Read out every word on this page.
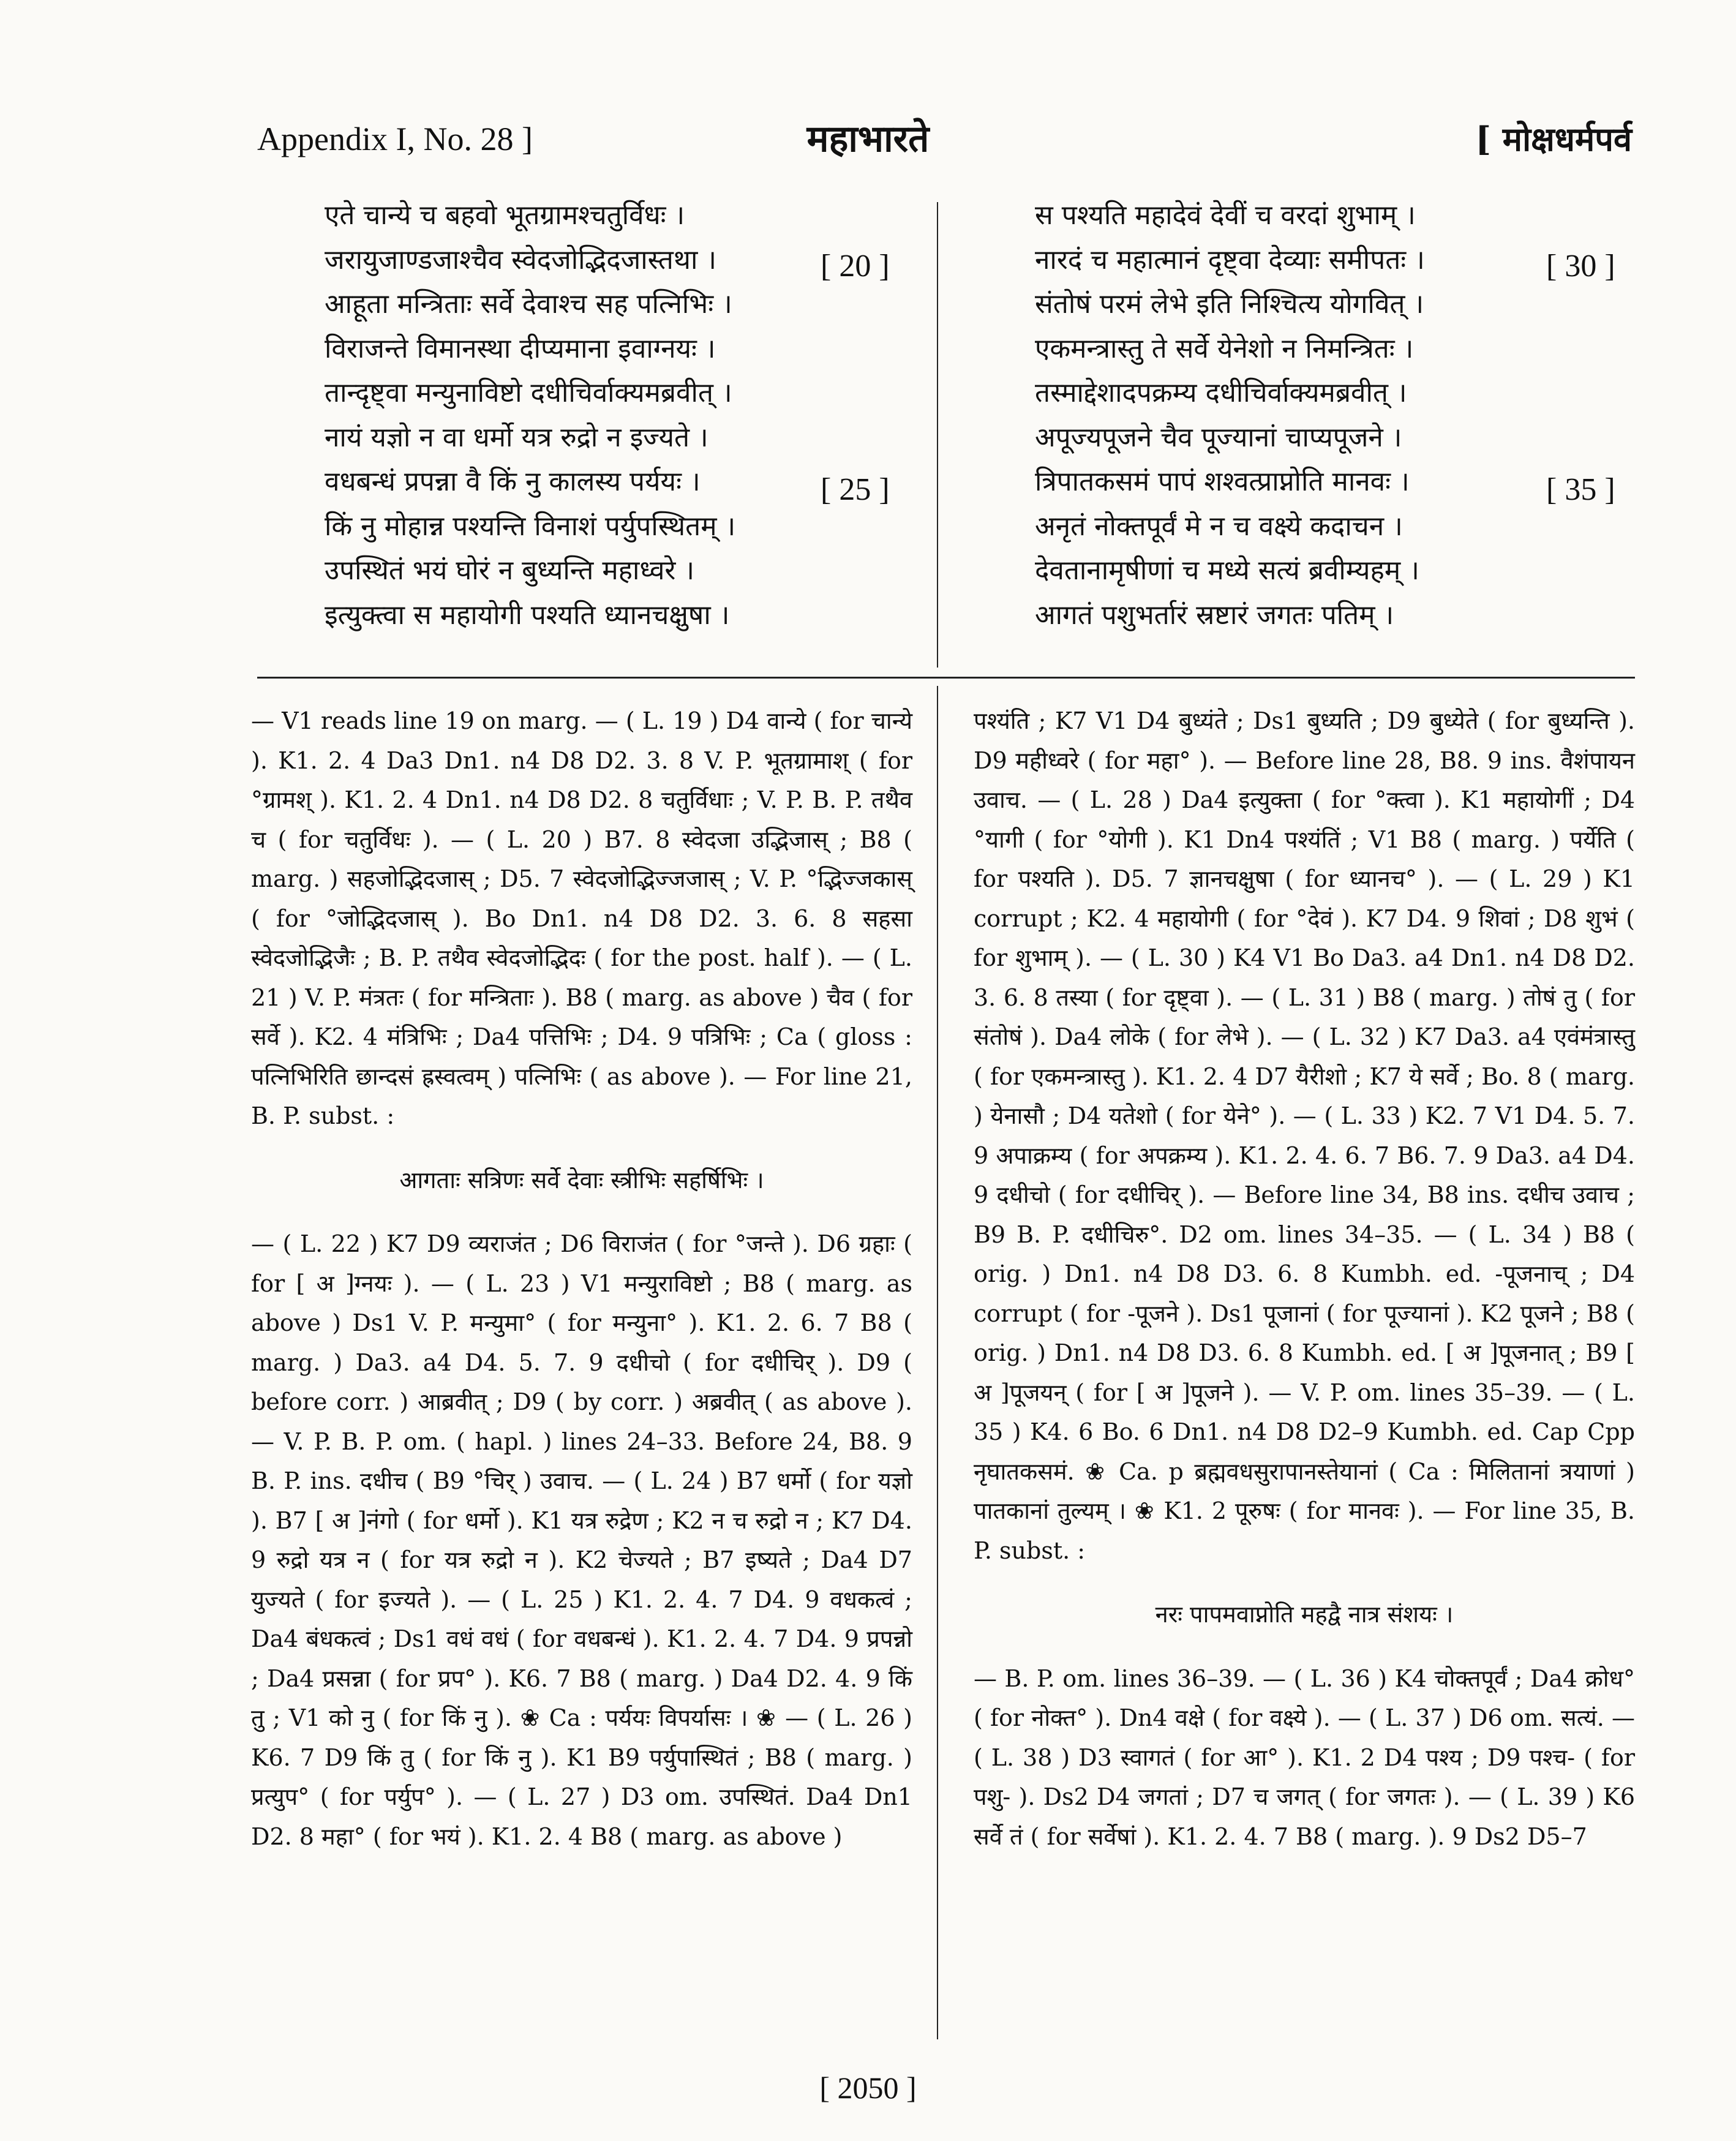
Appendix I, No. 28 ]	महाभारते	[ मोक्षधर्मपर्व
एते चान्ये च बहवो भूतग्रामश्चतुर्विधः ।
जरायुजाण्डजाश्चैव स्वेदजोद्भिदजास्तथा ।
आहूता मन्त्रिताः सर्वे देवाश्च सह पत्निभिः ।
विराजन्ते विमानस्था दीप्यमाना इवाग्नयः ।
तान्दृष्ट्वा मन्युनाविष्टो दधीचिर्वाक्यमब्रवीत् ।
नायं यज्ञो न वा धर्मो यत्र रुद्रो न इज्यते ।
वधबन्धं प्रपन्ना वै किं नु कालस्य पर्ययः ।
किं नु मोहान्न पश्यन्ति विनाशं पर्युपस्थितम् ।
उपस्थितं भयं घोरं न बुध्यन्ति महाध्वरे ।
इत्युक्त्वा स महायोगी पश्यति ध्यानचक्षुषा ।
[ 20 ]
[ 25 ]
स पश्यति महादेवं देवीं च वरदां शुभाम् ।
नारदं च महात्मानं दृष्ट्वा देव्याः समीपतः ।
संतोषं परमं लेभे इति निश्चित्य योगवित् ।
एकमन्त्रास्तु ते सर्वे येनेशो न निमन्त्रितः ।
तस्माद्देशादपक्रम्य दधीचिर्वाक्यमब्रवीत् ।
अपूज्यपूजने चैव पूज्यानां चाप्यपूजने ।
त्रिपातकसमं पापं शश्वत्प्राप्नोति मानवः ।
अनृतं नोक्तपूर्वं मे न च वक्ष्ये कदाचन ।
देवतानामृषीणां च मध्ये सत्यं ब्रवीम्यहम् ।
आगतं पशुभर्तारं स्रष्टारं जगतः पतिम् ।
[ 30 ]
[ 35 ]

— V1 reads line 19 on marg. — ( L. 19 ) D4 वान्ये ( for चान्ये ). K1. 2. 4 Da3 Dn1. n4 D8 D2. 3. 8 V. P. भूतग्रामाश् ( for °ग्रामश् ). K1. 2. 4 Dn1. n4 D8 D2. 8 चतुर्विधाः ; V. P. B. P. तथैव च ( for चतुर्विधः ). — ( L. 20 ) B7. 8 स्वेदजा उद्भिजास् ; B8 ( marg. ) सहजोद्भिदजास् ; D5. 7 स्वेदजोद्भिज्जजास् ; V. P. °द्भिज्जकास् ( for °जोद्भिदजास् ). Bo Dn1. n4 D8 D2. 3. 6. 8 सहसा स्वेदजोद्भिजैः ; B. P. तथैव स्वेदजोद्भिदः ( for the post. half ). — ( L. 21 ) V. P. मंत्रतः ( for मन्त्रिताः ). B8 ( marg. as above ) चैव ( for सर्वे ). K2. 4 मंत्रिभिः ; Da4 पत्तिभिः ; D4. 9 पत्रिभिः ; Ca ( gloss : पत्निभिरिति छान्दसं ह्रस्वत्वम् ) पत्निभिः ( as above ). — For line 21, B. P. subst. :

आगताः सत्रिणः सर्वे देवाः स्त्रीभिः सहर्षिभिः ।

— ( L. 22 ) K7 D9 व्यराजंत ; D6 विराजंत ( for °जन्ते ). D6 ग्रहाः ( for [ अ ]ग्नयः ). — ( L. 23 ) V1 मन्युराविष्टो ; B8 ( marg. as above ) Ds1 V. P. मन्युमा° ( for मन्युना° ). K1. 2. 6. 7 B8 ( marg. ) Da3. a4 D4. 5. 7. 9 दधीचो ( for दधीचिर् ). D9 ( before corr. ) आब्रवीत् ; D9 ( by corr. ) अब्रवीत् ( as above ). — V. P. B. P. om. ( hapl. ) lines 24–33. Before 24, B8. 9 B. P. ins. दधीच ( B9 °चिर् ) उवाच. — ( L. 24 ) B7 धर्मो ( for यज्ञो ). B7 [ अ ]नंगो ( for धर्मो ). K1 यत्र रुद्रेण ; K2 न च रुद्रो न ; K7 D4. 9 रुद्रो यत्र न ( for यत्र रुद्रो न ). K2 चेज्यते ; B7 इष्यते ; Da4 D7 युज्यते ( for इज्यते ). — ( L. 25 ) K1. 2. 4. 7 D4. 9 वधकत्वं ; Da4 बंधकत्वं ; Ds1 वधं वधं ( for वधबन्धं ). K1. 2. 4. 7 D4. 9 प्रपन्नो ; Da4 प्रसन्ना ( for प्रप° ). K6. 7 B8 ( marg. ) Da4 D2. 4. 9 किं तु ; V1 को नु ( for किं नु ). ❀ Ca : पर्ययः विपर्यासः । ❀ — ( L. 26 ) K6. 7 D9 किं तु ( for किं नु ). K1 B9 पर्युपास्थितं ; B8 ( marg. ) प्रत्युप° ( for पर्युप° ). — ( L. 27 ) D3 om. उपस्थितं. Da4 Dn1 D2. 8 महा° ( for भयं ). K1. 2. 4 B8 ( marg. as above )

पश्यंति ; K7 V1 D4 बुध्यंते ; Ds1 बुध्यति ; D9 बुध्येते ( for बुध्यन्ति ). D9 महीध्वरे ( for महा° ). — Before line 28, B8. 9 ins. वैशंपायन उवाच. — ( L. 28 ) Da4 इत्युक्ता ( for °क्त्वा ). K1 महायोगीं ; D4 °यागी ( for °योगी ). K1 Dn4 पश्यंतिं ; V1 B8 ( marg. ) पर्येति ( for पश्यति ). D5. 7 ज्ञानचक्षुषा ( for ध्यानच° ). — ( L. 29 ) K1 corrupt ; K2. 4 महायोगी ( for °देवं ). K7 D4. 9 शिवां ; D8 शुभं ( for शुभाम् ). — ( L. 30 ) K4 V1 Bo Da3. a4 Dn1. n4 D8 D2. 3. 6. 8 तस्या ( for दृष्ट्वा ). — ( L. 31 ) B8 ( marg. ) तोषं तु ( for संतोषं ). Da4 लोके ( for लेभे ). — ( L. 32 ) K7 Da3. a4 एवंमंत्रास्तु ( for एकमन्त्रास्तु ). K1. 2. 4 D7 यैरीशो ; K7 ये सर्वे ; Bo. 8 ( marg. ) येनासौ ; D4 यतेशो ( for येने° ). — ( L. 33 ) K2. 7 V1 D4. 5. 7. 9 अपाक्रम्य ( for अपक्रम्य ). K1. 2. 4. 6. 7 B6. 7. 9 Da3. a4 D4. 9 दधीचो ( for दधीचिर् ). — Before line 34, B8 ins. दधीच उवाच ; B9 B. P. दधीचिरु°. D2 om. lines 34–35. — ( L. 34 ) B8 ( orig. ) Dn1. n4 D8 D3. 6. 8 Kumbh. ed. -पूजनाच् ; D4 corrupt ( for -पूजने ). Ds1 पूजानां ( for पूज्यानां ). K2 पूजने ; B8 ( orig. ) Dn1. n4 D8 D3. 6. 8 Kumbh. ed. [ अ ]पूजनात् ; B9 [ अ ]पूजयन् ( for [ अ ]पूजने ). — V. P. om. lines 35–39. — ( L. 35 ) K4. 6 Bo. 6 Dn1. n4 D8 D2–9 Kumbh. ed. Cap Cpp नृघातकसमं. ❀ Ca. p ब्रह्मवधसुरापानस्तेयानां ( Ca : मिलितानां त्रयाणां ) पातकानां तुल्यम् । ❀ K1. 2 पूरुषः ( for मानवः ). — For line 35, B. P. subst. :

नरः पापमवाप्नोति महद्वै नात्र संशयः ।

— B. P. om. lines 36–39. — ( L. 36 ) K4 चोक्तपूर्वं ; Da4 क्रोध° ( for नोक्त° ). Dn4 वक्षे ( for वक्ष्ये ). — ( L. 37 ) D6 om. सत्यं. — ( L. 38 ) D3 स्वागतं ( for आ° ). K1. 2 D4 पश्य ; D9 पश्च- ( for पशु- ). Ds2 D4 जगतां ; D7 च जगत् ( for जगतः ). — ( L. 39 ) K6 सर्वे तं ( for सर्वेषां ). K1. 2. 4. 7 B8 ( marg. ). 9 Ds2 D5–7

[ 2050 ]
